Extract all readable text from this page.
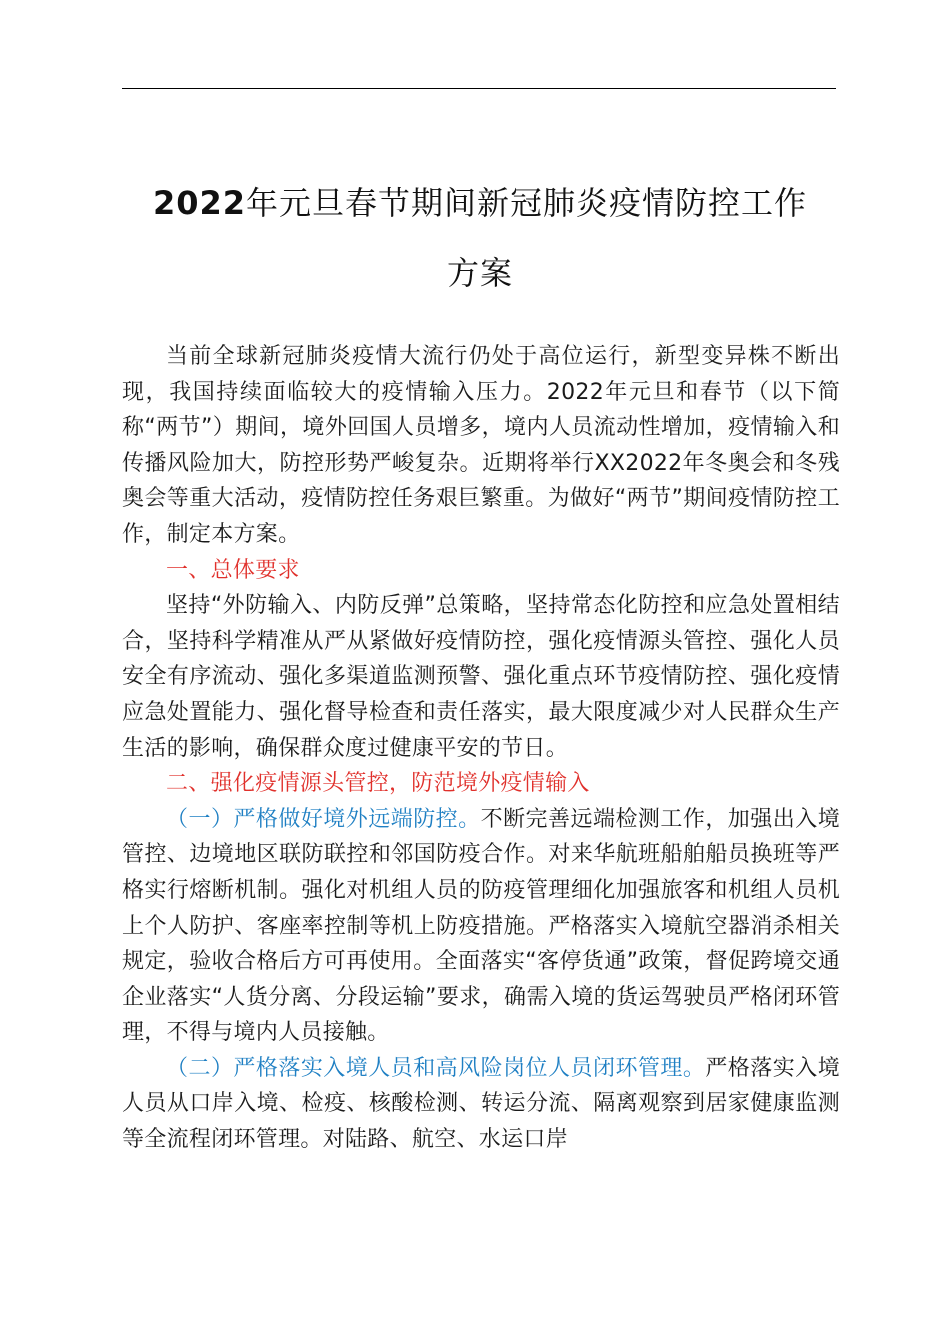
2022年元旦春节期间新冠肺炎疫情防控工作
方案

当前全球新冠肺炎疫情大流行仍处于高位运行，新型变异株不断出现，我国持续面临较大的疫情输入压力。2022年元旦和春节（以下简称“两节”）期间，境外回国人员增多，境内人员流动性增加，疫情输入和传播风险加大，防控形势严峻复杂。近期将举行XX2022年冬奥会和冬残奥会等重大活动，疫情防控任务艰巨繁重。为做好“两节”期间疫情防控工作，制定本方案。

一、总体要求

坚持“外防输入、内防反弹”总策略，坚持常态化防控和应急处置相结合，坚持科学精准从严从紧做好疫情防控，强化疫情源头管控、强化人员安全有序流动、强化多渠道监测预警、强化重点环节疫情防控、强化疫情应急处置能力、强化督导检查和责任落实，最大限度减少对人民群众生产生活的影响，确保群众度过健康平安的节日。

二、强化疫情源头管控，防范境外疫情输入

（一）严格做好境外远端防控。不断完善远端检测工作，加强出入境管控、边境地区联防联控和邻国防疫合作。对来华航班船舶船员换班等严格实行熔断机制。强化对机组人员的防疫管理细化加强旅客和机组人员机上个人防护、客座率控制等机上防疫措施。严格落实入境航空器消杀相关规定，验收合格后方可再使用。全面落实“客停货通”政策，督促跨境交通企业落实“人货分离、分段运输”要求，确需入境的货运驾驶员严格闭环管理，不得与境内人员接触。

（二）严格落实入境人员和高风险岗位人员闭环管理。严格落实入境人员从口岸入境、检疫、核酸检测、转运分流、隔离观察到居家健康监测等全流程闭环管理。对陆路、航空、水运口岸
